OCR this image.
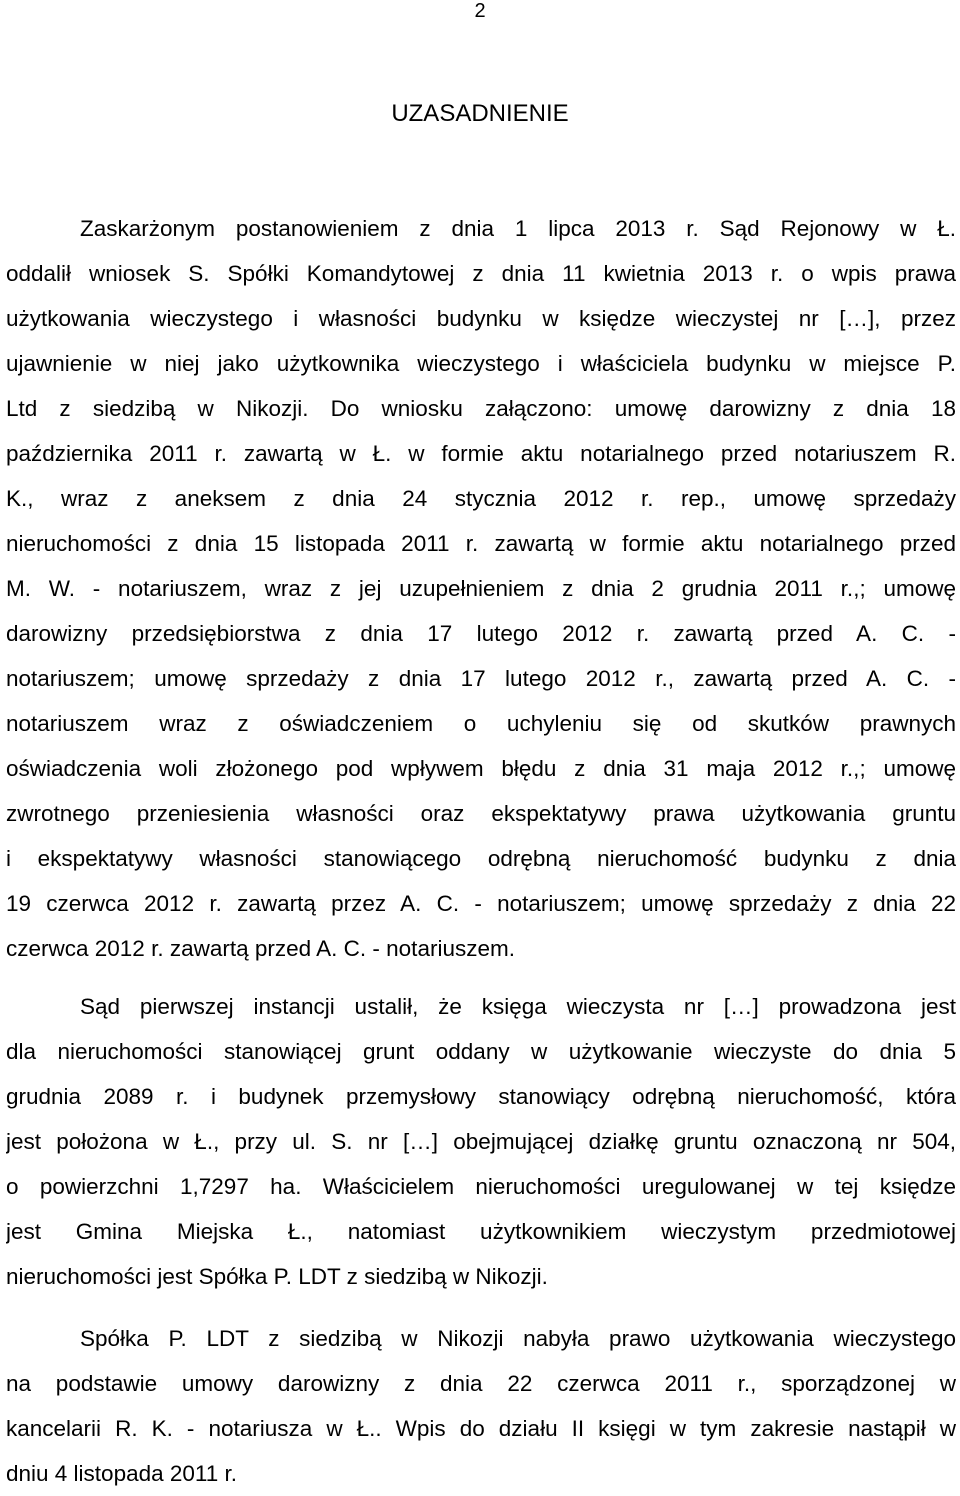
2
UZASADNIENIE
Zaskarżonym postanowieniem z dnia 1 lipca 2013 r. Sąd Rejonowy w Ł.
oddalił wniosek S. Spółki Komandytowej z dnia 11 kwietnia 2013 r. o wpis prawa
użytkowania wieczystego i własności budynku w księdze wieczystej nr […], przez
ujawnienie w niej jako użytkownika wieczystego i właściciela budynku w miejsce P.
Ltd z siedzibą w Nikozji. Do wniosku załączono: umowę darowizny z dnia 18
października 2011 r. zawartą w Ł. w formie aktu notarialnego przed notariuszem R.
K., wraz z aneksem z dnia 24 stycznia 2012 r. rep., umowę sprzedaży
nieruchomości z dnia 15 listopada 2011 r. zawartą w formie aktu notarialnego przed
M. W. - notariuszem, wraz z jej uzupełnieniem z dnia 2 grudnia 2011 r.,; umowę
darowizny przedsiębiorstwa z dnia 17 lutego 2012 r. zawartą przed A. C. -
notariuszem; umowę sprzedaży z dnia 17 lutego 2012 r., zawartą przed A. C. -
notariuszem wraz z oświadczeniem o uchyleniu się od skutków prawnych
oświadczenia woli złożonego pod wpływem błędu z dnia 31 maja 2012 r.,; umowę
zwrotnego przeniesienia własności oraz ekspektatywy prawa użytkowania gruntu
i ekspektatywy własności stanowiącego odrębną nieruchomość budynku z dnia
19 czerwca 2012 r. zawartą przez A. C. - notariuszem; umowę sprzedaży z dnia 22
czerwca 2012 r. zawartą przed A. C. - notariuszem.
Sąd pierwszej instancji ustalił, że księga wieczysta nr […] prowadzona jest
dla nieruchomości stanowiącej grunt oddany w użytkowanie wieczyste do dnia 5
grudnia 2089 r. i budynek przemysłowy stanowiący odrębną nieruchomość, która
jest położona w Ł., przy ul. S. nr […] obejmującej działkę gruntu oznaczoną nr 504,
o powierzchni 1,7297 ha. Właścicielem nieruchomości uregulowanej w tej księdze
jest Gmina Miejska Ł., natomiast użytkownikiem wieczystym przedmiotowej
nieruchomości jest Spółka P. LDT z siedzibą w Nikozji.
Spółka P. LDT z siedzibą w Nikozji nabyła prawo użytkowania wieczystego
na podstawie umowy darowizny z dnia 22 czerwca 2011 r., sporządzonej w
kancelarii R. K. - notariusza w Ł.. Wpis do działu II księgi w tym zakresie nastąpił w
dniu 4 listopada 2011 r.
